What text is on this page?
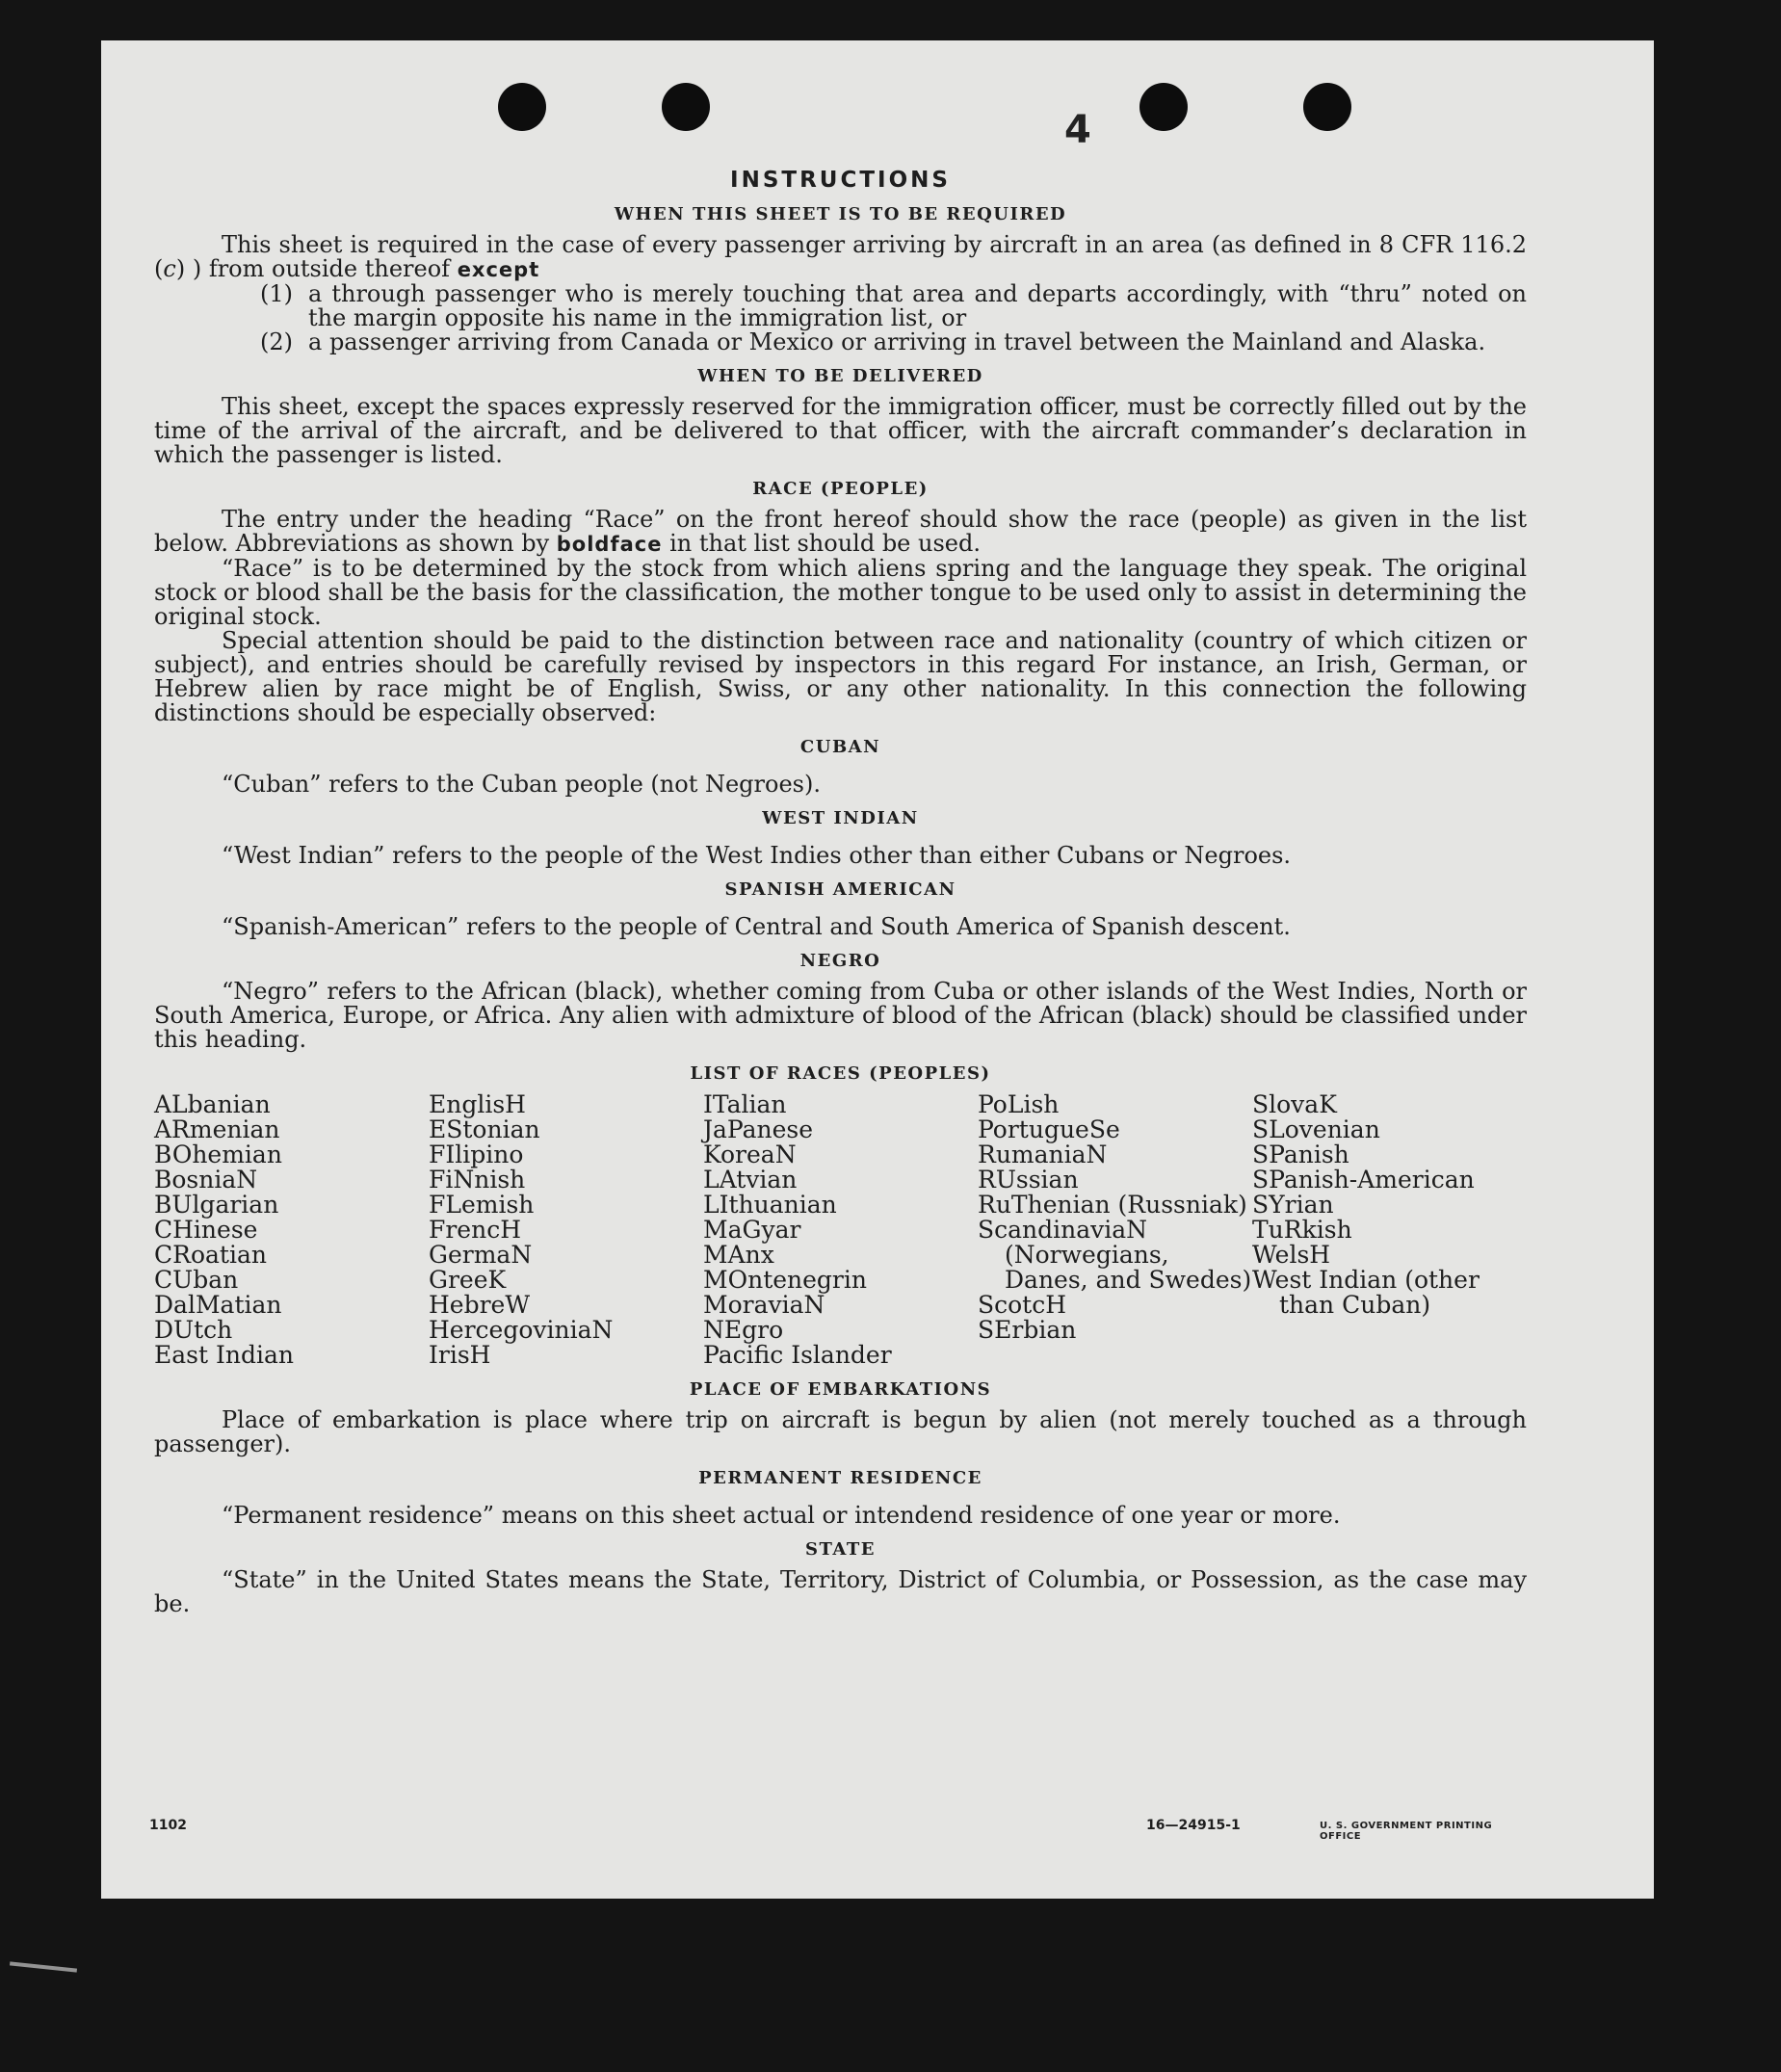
4
INSTRUCTIONS
WHEN THIS SHEET IS TO BE REQUIRED

This sheet is required in the case of every passenger arriving by aircraft in an area (as defined in 8 CFR 116.2 (c) ) from outside thereof except

(1) a through passenger who is merely touching that area and departs accordingly, with “thru” noted on the margin opposite his name in the immigration list, or
(2) a passenger arriving from Canada or Mexico or arriving in travel between the Mainland and Alaska.
WHEN TO BE DELIVERED

This sheet, except the spaces expressly reserved for the immigration officer, must be correctly filled out by the time of the arrival of the aircraft, and be delivered to that officer, with the aircraft commander’s declaration in which the passenger is listed.

RACE (PEOPLE)

The entry under the heading “Race” on the front hereof should show the race (people) as given in the list below. Abbreviations as shown by boldface in that list should be used.

“Race” is to be determined by the stock from which aliens spring and the language they speak. The original stock or blood shall be the basis for the classification, the mother tongue to be used only to assist in determining the original stock.

Special attention should be paid to the distinction between race and nationality (country of which citizen or subject), and entries should be carefully revised by inspectors in this regard For instance, an Irish, German, or Hebrew alien by race might be of English, Swiss, or any other nationality. In this connection the following distinctions should be especially observed:

CUBAN

“Cuban” refers to the Cuban people (not Negroes).

WEST INDIAN

“West Indian” refers to the people of the West Indies other than either Cubans or Negroes.

SPANISH AMERICAN

“Spanish-American” refers to the people of Central and South America of Spanish descent.

NEGRO

“Negro” refers to the African (black), whether coming from Cuba or other islands of the West Indies, North or South America, Europe, or Africa. Any alien with admixture of blood of the African (black) should be classified under this heading.

LIST OF RACES (PEOPLES)
ALbanian
ARmenian
BOhemian
BosniaN
BUlgarian
CHinese
CRoatian
CUban
DalMatian
DUtch
East Indian
EnglisH
EStonian
FIlipino
FiNnish
FLemish
FrencH
GermaN
GreeK
HebreW
HercegoviniaN
IrisH
ITalian
JaPanese
KoreaN
LAtvian
LIthuanian
MaGyar
MAnx
MOntenegrin
MoraviaN
NEgro
Pacific Islander
PoLish
PortugueSe
RumaniaN
RUssian
RuThenian (Russniak)
ScandinaviaN (Norwegians, Danes, and Swedes)
ScotcH
SErbian
SlovaK
SLovenian
SPanish
SPanish-American
SYrian
TuRkish
WelsH
West Indian (other than Cuban)
PLACE OF EMBARKATIONS

Place of embarkation is place where trip on aircraft is begun by alien (not merely touched as a through passenger).

PERMANENT RESIDENCE

“Permanent residence” means on this sheet actual or intendend residence of one year or more.

STATE

“State” in the United States means the State, Territory, District of Columbia, or Possession, as the case may be.

1102	16—24915-1	U. S. GOVERNMENT PRINTING OFFICE
